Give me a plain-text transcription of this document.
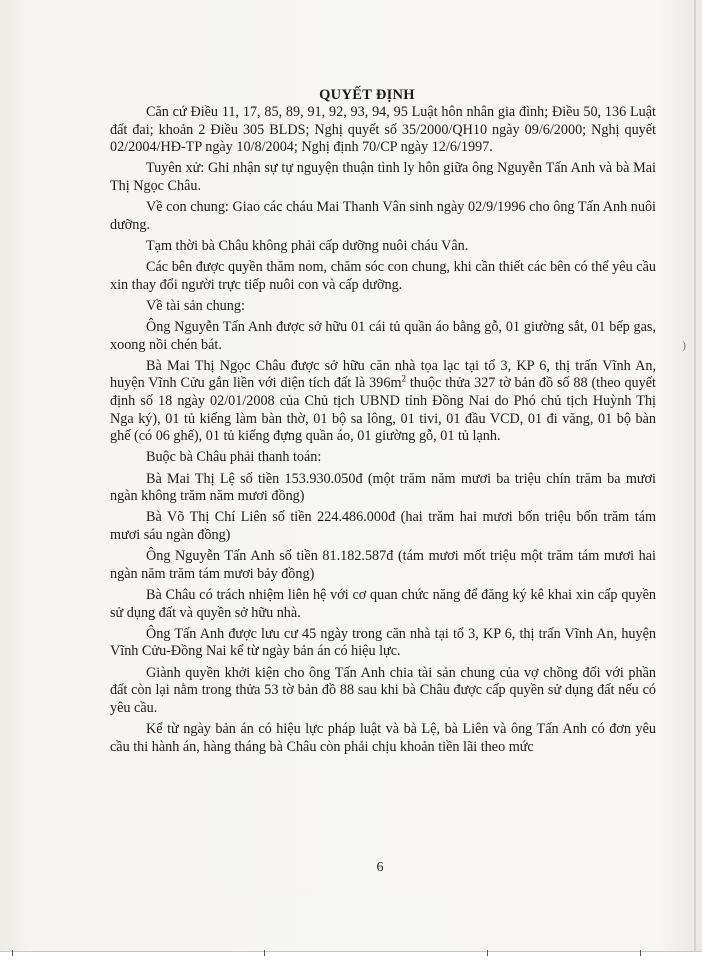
QUYẾT ĐỊNH

Căn cứ Điều 11, 17, 85, 89, 91, 92, 93, 94, 95 Luật hôn nhân gia đình; Điều 50, 136 Luật đất đai; khoản 2 Điều 305 BLDS; Nghị quyết số 35/2000/QH10 ngày 09/6/2000; Nghị quyết 02/2004/HĐ-TP ngày 10/8/2004; Nghị định 70/CP ngày 12/6/1997.

Tuyên xử: Ghi nhận sự tự nguyện thuận tình ly hôn giữa ông Nguyễn Tấn Anh và bà Mai Thị Ngọc Châu.

Về con chung: Giao các cháu Mai Thanh Vân sinh ngày 02/9/1996 cho ông Tấn Anh nuôi dưỡng.

Tạm thời bà Châu không phải cấp dưỡng nuôi cháu Vân.

Các bên được quyền thăm nom, chăm sóc con chung, khi cần thiết các bên có thể yêu cầu xin thay đổi người trực tiếp nuôi con và cấp dưỡng.

Về tài sản chung:

Ông Nguyễn Tấn Anh được sở hữu 01 cái tủ quần áo bằng gỗ, 01 giường sắt, 01 bếp gas, xoong nồi chén bát.

Bà Mai Thị Ngọc Châu được sở hữu căn nhà tọa lạc tại tổ 3, KP 6, thị trấn Vĩnh An, huyện Vĩnh Cửu gắn liền với diện tích đất là $396m^2$ thuộc thửa 327 tờ bản đồ số 88 (theo quyết định số 18 ngày 02/01/2008 của Chủ tịch UBND tỉnh Đồng Nai do Phó chủ tịch Huỳnh Thị Nga ký), 01 tủ kiếng làm bàn thờ, 01 bộ sa lông, 01 tivi, 01 đầu VCD, 01 đi văng, 01 bộ bàn ghế (có 06 ghế), 01 tủ kiếng đựng quần áo, 01 giường gỗ, 01 tủ lạnh.

Buộc bà Châu phải thanh toán:

Bà Mai Thị Lệ số tiền 153.930.050đ (một trăm năm mươi ba triệu chín trăm ba mươi ngàn không trăm năm mươi đồng)

Bà Võ Thị Chí Liên số tiền 224.486.000đ (hai trăm hai mươi bốn triệu bốn trăm tám mươi sáu ngàn đồng)

Ông Nguyễn Tấn Anh số tiền 81.182.587đ (tám mươi mốt triệu một trăm tám mươi hai ngàn năm trăm tám mươi bảy đồng)

Bà Châu có trách nhiệm liên hệ với cơ quan chức năng để đăng ký kê khai xin cấp quyền sử dụng đất và quyền sở hữu nhà.

Ông Tấn Anh được lưu cư 45 ngày trong căn nhà tại tổ 3, KP 6, thị trấn Vĩnh An, huyện Vĩnh Cửu-Đồng Nai kể từ ngày bản án có hiệu lực.

Giành quyền khởi kiện cho ông Tấn Anh chia tài sản chung của vợ chồng đối với phần đất còn lại nằm trong thửa 53 tờ bản đồ 88 sau khi bà Châu được cấp quyền sử dụng đất nếu có yêu cầu.

Kể từ ngày bản án có hiệu lực pháp luật và bà Lệ, bà Liên và ông Tấn Anh có đơn yêu cầu thi hành án, hàng tháng bà Châu còn phải chịu khoản tiền lãi theo mức

)
6
